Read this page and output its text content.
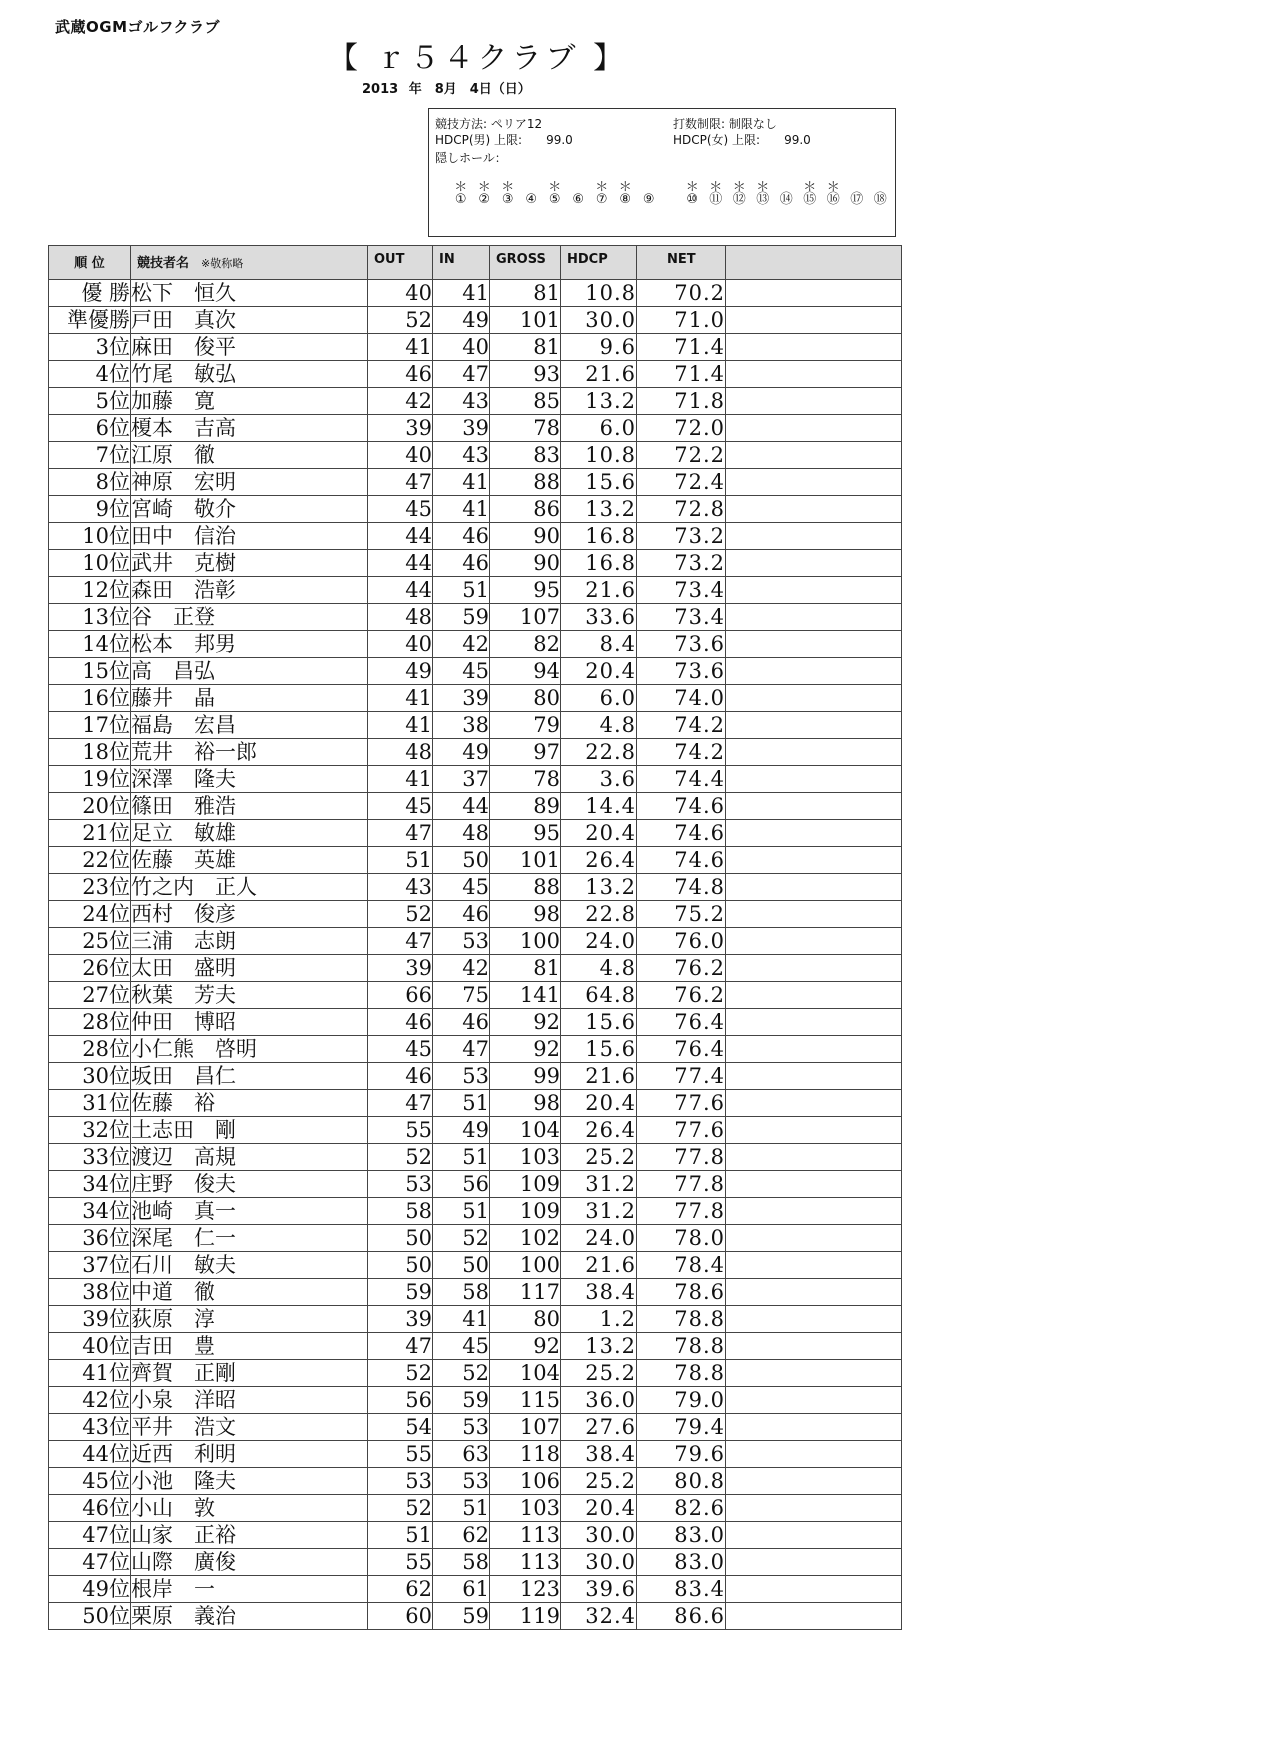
武蔵OGMゴルフクラブ
【 ｒ５４クラブ 】
2013 年　8月　4日（日）
競技方法: ペリア12	打数制限: 制限なし
HDCP(男) 上限:　　99.0	HDCP(女) 上限:　　99.0
隠しホール：
＊
①
＊
②
＊
③ ④
＊
⑤ ⑥
＊
⑦
＊
⑧ ⑨
＊
⑩
＊
⑪
＊
⑫
＊
⑬ ⑭
＊
⑮
＊
⑯ ⑰ ⑱
順 位	競技者名 ※敬称略	OUT	IN	GROSS	HDCP	NET	
優 勝	松下　恒久	40	41	81	10.8	70.2	
準優勝	戸田　真次	52	49	101	30.0	71.0	
3位	麻田　俊平	41	40	81	9.6	71.4	
4位	竹尾　敏弘	46	47	93	21.6	71.4	
5位	加藤　寛	42	43	85	13.2	71.8	
6位	榎本　吉高	39	39	78	6.0	72.0	
7位	江原　徹	40	43	83	10.8	72.2	
8位	神原　宏明	47	41	88	15.6	72.4	
9位	宮崎　敬介	45	41	86	13.2	72.8	
10位	田中　信治	44	46	90	16.8	73.2	
10位	武井　克樹	44	46	90	16.8	73.2	
12位	森田　浩彰	44	51	95	21.6	73.4	
13位	谷　正登	48	59	107	33.6	73.4	
14位	松本　邦男	40	42	82	8.4	73.6	
15位	高　昌弘	49	45	94	20.4	73.6	
16位	藤井　晶	41	39	80	6.0	74.0	
17位	福島　宏昌	41	38	79	4.8	74.2	
18位	荒井　裕一郎	48	49	97	22.8	74.2	
19位	深澤　隆夫	41	37	78	3.6	74.4	
20位	篠田　雅浩	45	44	89	14.4	74.6	
21位	足立　敏雄	47	48	95	20.4	74.6	
22位	佐藤　英雄	51	50	101	26.4	74.6	
23位	竹之内　正人	43	45	88	13.2	74.8	
24位	西村　俊彦	52	46	98	22.8	75.2	
25位	三浦　志朗	47	53	100	24.0	76.0	
26位	太田　盛明	39	42	81	4.8	76.2	
27位	秋葉　芳夫	66	75	141	64.8	76.2	
28位	仲田　博昭	46	46	92	15.6	76.4	
28位	小仁熊　啓明	45	47	92	15.6	76.4	
30位	坂田　昌仁	46	53	99	21.6	77.4	
31位	佐藤　裕	47	51	98	20.4	77.6	
32位	土志田　剛	55	49	104	26.4	77.6	
33位	渡辺　高規	52	51	103	25.2	77.8	
34位	庄野　俊夫	53	56	109	31.2	77.8	
34位	池崎　真一	58	51	109	31.2	77.8	
36位	深尾　仁一	50	52	102	24.0	78.0	
37位	石川　敏夫	50	50	100	21.6	78.4	
38位	中道　徹	59	58	117	38.4	78.6	
39位	荻原　淳	39	41	80	1.2	78.8	
40位	吉田　豊	47	45	92	13.2	78.8	
41位	齊賀　正剛	52	52	104	25.2	78.8	
42位	小泉　洋昭	56	59	115	36.0	79.0	
43位	平井　浩文	54	53	107	27.6	79.4	
44位	近西　利明	55	63	118	38.4	79.6	
45位	小池　隆夫	53	53	106	25.2	80.8	
46位	小山　敦	52	51	103	20.4	82.6	
47位	山家　正裕	51	62	113	30.0	83.0	
47位	山際　廣俊	55	58	113	30.0	83.0	
49位	根岸　一	62	61	123	39.6	83.4	
50位	栗原　義治	60	59	119	32.4	86.6	
